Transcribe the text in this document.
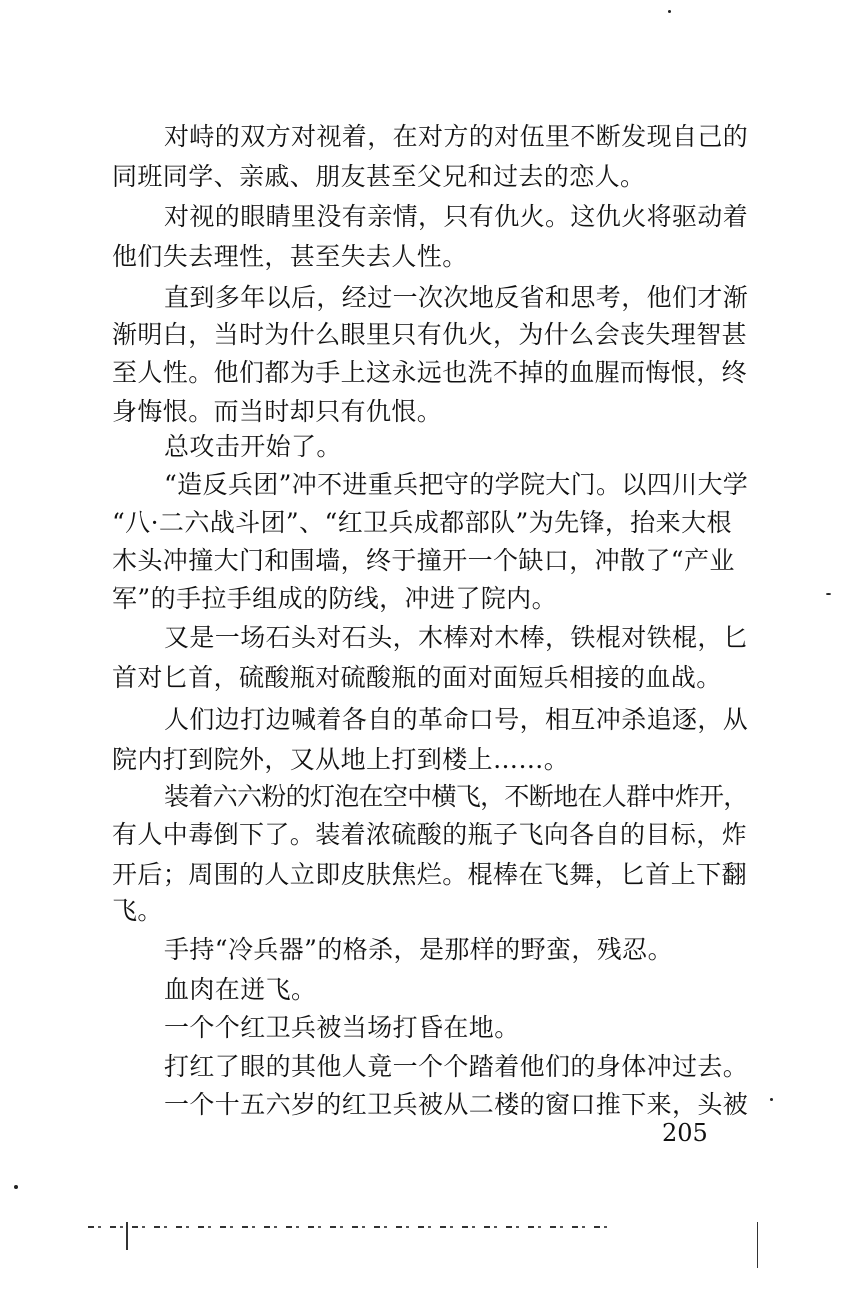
对峙的双方对视着，在对方的对伍里不断发现自己的
同班同学、亲戚、朋友甚至父兄和过去的恋人。
对视的眼睛里没有亲情，只有仇火。这仇火将驱动着
他们失去理性，甚至失去人性。
直到多年以后，经过一次次地反省和思考，他们才渐
渐明白，当时为什么眼里只有仇火，为什么会丧失理智甚
至人性。他们都为手上这永远也洗不掉的血腥而悔恨，终
身悔恨。而当时却只有仇恨。
总攻击开始了。
“造反兵团”冲不进重兵把守的学院大门。以四川大学
“八·二六战斗团”、“红卫兵成都部队”为先锋，抬来大根
木头冲撞大门和围墙，终于撞开一个缺口，冲散了“产业
军”的手拉手组成的防线，冲进了院内。
又是一场石头对石头，木棒对木棒，铁棍对铁棍，匕
首对匕首，硫酸瓶对硫酸瓶的面对面短兵相接的血战。
人们边打边喊着各自的革命口号，相互冲杀追逐，从
院内打到院外，又从地上打到楼上……。
装着六六粉的灯泡在空中横飞，不断地在人群中炸开，
有人中毒倒下了。装着浓硫酸的瓶子飞向各自的目标，炸
开后；周围的人立即皮肤焦烂。棍棒在飞舞，匕首上下翻
飞。
手持“冷兵器”的格杀，是那样的野蛮，残忍。
血肉在迸飞。
一个个红卫兵被当场打昏在地。
打红了眼的其他人竟一个个踏着他们的身体冲过去。
一个十五六岁的红卫兵被从二楼的窗口推下来，头被
205
